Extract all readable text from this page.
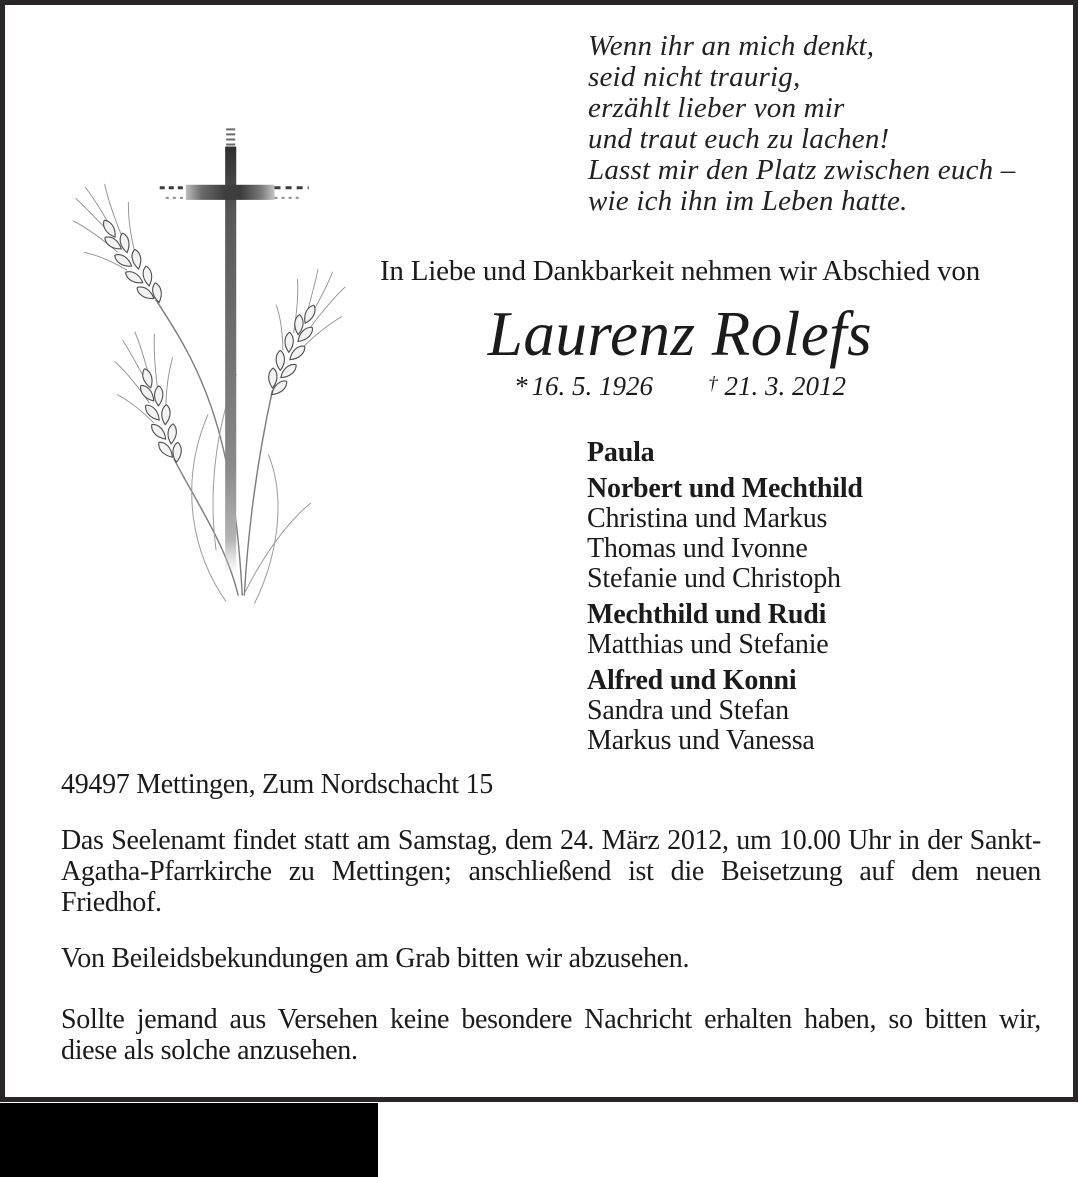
Wenn ihr an mich denkt,
seid nicht traurig,
erzählt lieber von mir
und traut euch zu lachen!
Lasst mir den Platz zwischen euch –
wie ich ihn im Leben hatte.
In Liebe und Dankbarkeit nehmen wir Abschied von
Laurenz Rolefs
*16. 5. 1926	† 21. 3. 2012
Paula
Norbert und Mechthild
Christina und Markus
Thomas und Ivonne
Stefanie und Christoph
Mechthild und Rudi
Matthias und Stefanie
Alfred und Konni
Sandra und Stefan
Markus und Vanessa
49497 Mettingen, Zum Nordschacht 15

Das Seelenamt findet statt am Samstag, dem 24. März 2012, um 10.00 Uhr in der Sankt-Agatha-Pfarrkirche zu Mettingen; anschließend ist die Beisetzung auf dem neuen Friedhof.

Von Beileidsbekundungen am Grab bitten wir abzusehen.

Sollte jemand aus Versehen keine besondere Nachricht erhalten haben, so bitten wir, diese als solche anzusehen.
